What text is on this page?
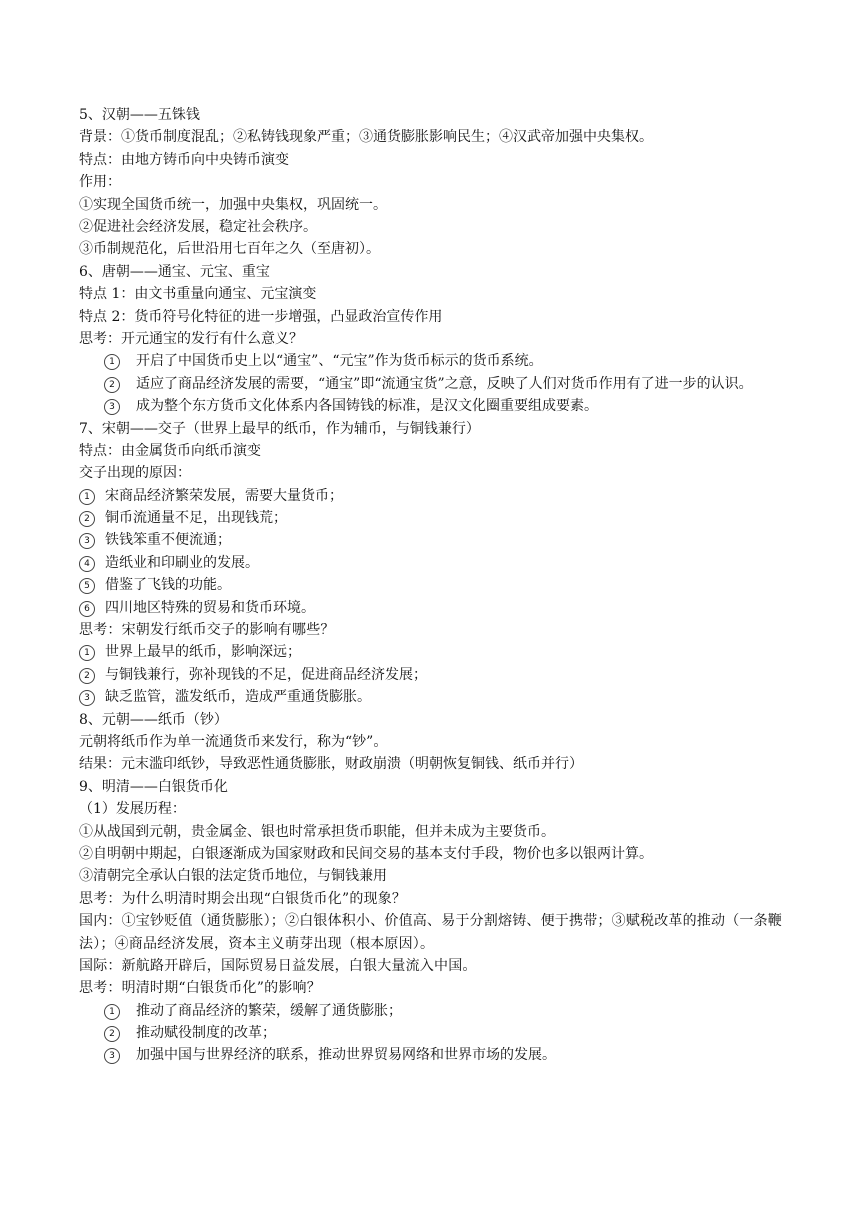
5、汉朝——五铢钱
背景：①货币制度混乱；②私铸钱现象严重；③通货膨胀影响民生；④汉武帝加强中央集权。
特点：由地方铸币向中央铸币演变
作用：
①实现全国货币统一，加强中央集权，巩固统一。
②促进社会经济发展，稳定社会秩序。
③币制规范化，后世沿用七百年之久（至唐初）。
6、唐朝——通宝、元宝、重宝
特点 1：由文书重量向通宝、元宝演变
特点 2：货币符号化特征的进一步增强，凸显政治宣传作用
思考：开元通宝的发行有什么意义？
1	开启了中国货币史上以“通宝”、“元宝”作为货币标示的货币系统。
2	适应了商品经济发展的需要，“通宝”即“流通宝货”之意，反映了人们对货币作用有了进一步的认识。
3	成为整个东方货币文化体系内各国铸钱的标准，是汉文化圈重要组成要素。
7、宋朝——交子（世界上最早的纸币，作为辅币，与铜钱兼行）
特点：由金属货币向纸币演变
交子出现的原因：
1	宋商品经济繁荣发展，需要大量货币；
2	铜币流通量不足，出现钱荒；
3	铁钱笨重不便流通；
4	造纸业和印刷业的发展。
5	借鉴了飞钱的功能。
6	四川地区特殊的贸易和货币环境。
思考：宋朝发行纸币交子的影响有哪些？
1	世界上最早的纸币，影响深远；
2	与铜钱兼行，弥补现钱的不足，促进商品经济发展；
3	缺乏监管，滥发纸币，造成严重通货膨胀。
8、元朝——纸币（钞）
元朝将纸币作为单一流通货币来发行，称为“钞”。
结果：元末滥印纸钞，导致恶性通货膨胀，财政崩溃（明朝恢复铜钱、纸币并行）
9、明清——白银货币化
（1）发展历程：
①从战国到元朝，贵金属金、银也时常承担货币职能，但并未成为主要货币。
②自明朝中期起，白银逐渐成为国家财政和民间交易的基本支付手段，物价也多以银两计算。
③清朝完全承认白银的法定货币地位，与铜钱兼用
思考：为什么明清时期会出现“白银货币化”的现象？
国内：①宝钞贬值（通货膨胀）；②白银体积小、价值高、易于分割熔铸、便于携带；③赋税改革的推动（一条鞭法）；④商品经济发展，资本主义萌芽出现（根本原因）。
国际：新航路开辟后，国际贸易日益发展，白银大量流入中国。
思考：明清时期“白银货币化”的影响？
1	推动了商品经济的繁荣，缓解了通货膨胀；
2	推动赋役制度的改革；
3	加强中国与世界经济的联系，推动世界贸易网络和世界市场的发展。
